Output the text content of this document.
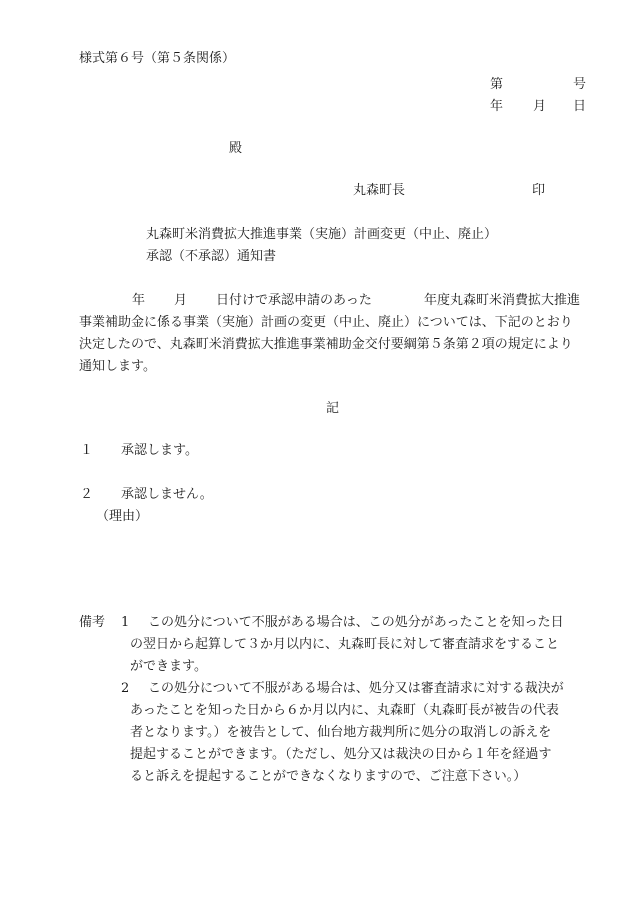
様式第６号（第５条関係）
第	号
年 月 日
殿
丸森町長	印
丸森町米消費拡大推進事業（実施）計画変更（中止、廃止）
承認（不承認）通知書
年 月 日付けで承認申請のあった	年度丸森町米消費拡大推進
事業補助金に係る事業（実施）計画の変更（中止、廃止）については、下記のとおり
決定したので、丸森町米消費拡大推進事業補助金交付要綱第５条第２項の規定により
通知します。
記
１ 承認します。
２ 承認しません。
（理由）
備考 1 この処分について不服がある場合は、この処分があったことを知った日
の翌日から起算して３か月以内に、丸森町長に対して審査請求をすること
ができます。
2 この処分について不服がある場合は、処分又は審査請求に対する裁決が
あったことを知った日から６か月以内に、丸森町（丸森町長が被告の代表
者となります。）を被告として、仙台地方裁判所に処分の取消しの訴えを
提起することができます。（ただし、処分又は裁決の日から１年を経過す
ると訴えを提起することができなくなりますので、ご注意下さい。）
